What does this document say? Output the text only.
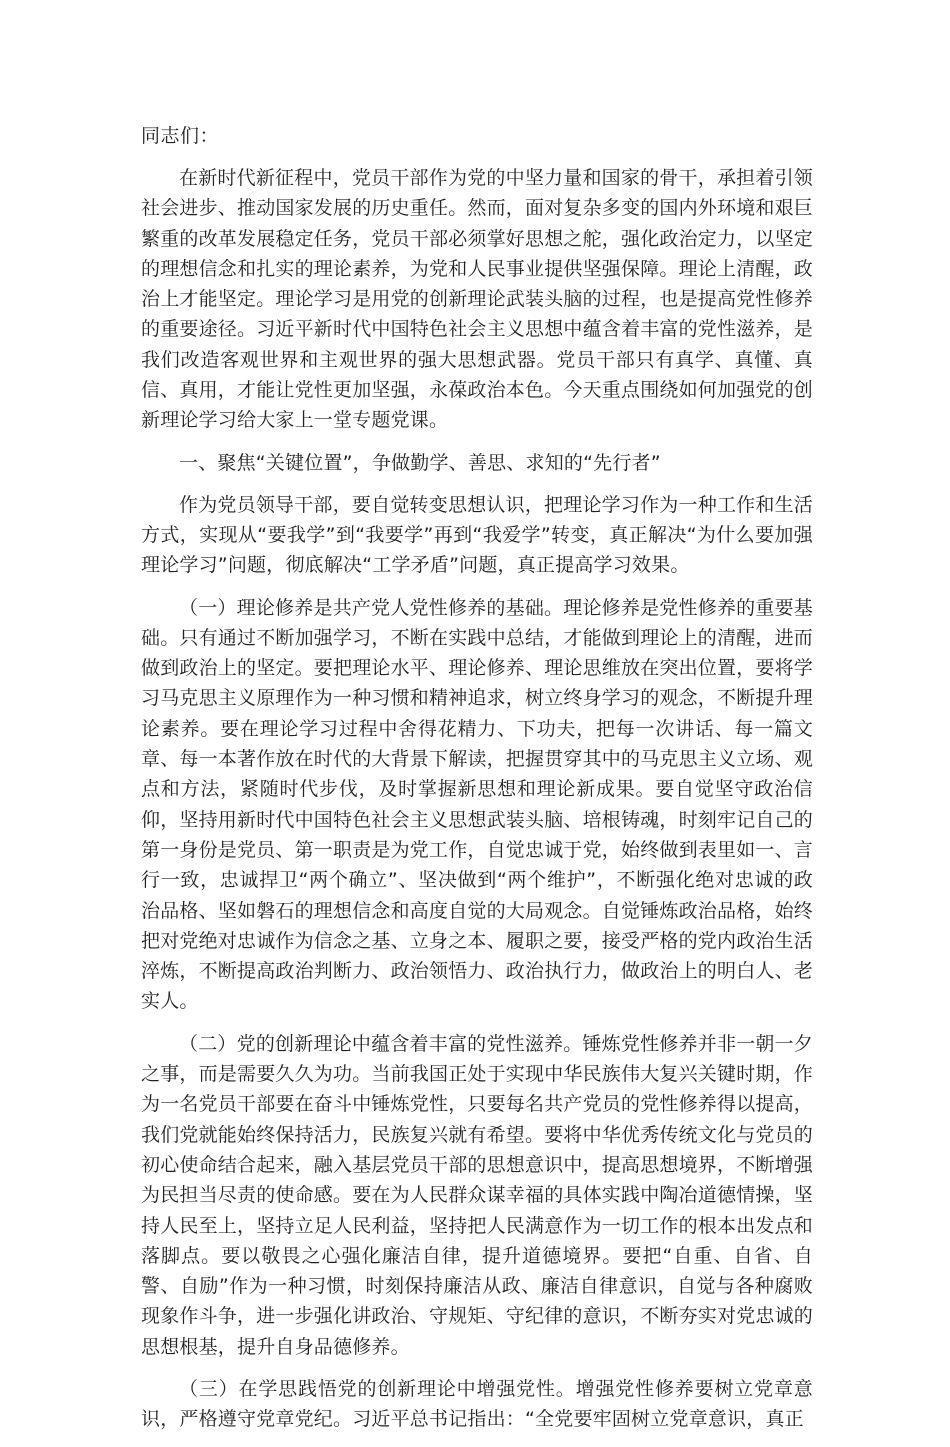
同志们：

在新时代新征程中，党员干部作为党的中坚力量和国家的骨干，承担着引领社会进步、推动国家发展的历史重任。然而，面对复杂多变的国内外环境和艰巨繁重的改革发展稳定任务，党员干部必须掌好思想之舵，强化政治定力，以坚定的理想信念和扎实的理论素养，为党和人民事业提供坚强保障。理论上清醒，政治上才能坚定。理论学习是用党的创新理论武装头脑的过程，也是提高党性修养的重要途径。习近平新时代中国特色社会主义思想中蕴含着丰富的党性滋养，是我们改造客观世界和主观世界的强大思想武器。党员干部只有真学、真懂、真信、真用，才能让党性更加坚强，永葆政治本色。今天重点围绕如何加强党的创新理论学习给大家上一堂专题党课。

一、聚焦“关键位置”，争做勤学、善思、求知的“先行者”

作为党员领导干部，要自觉转变思想认识，把理论学习作为一种工作和生活方式，实现从“要我学”到“我要学”再到“我爱学”转变，真正解决“为什么要加强理论学习”问题，彻底解决“工学矛盾”问题，真正提高学习效果。

（一）理论修养是共产党人党性修养的基础。理论修养是党性修养的重要基础。只有通过不断加强学习，不断在实践中总结，才能做到理论上的清醒，进而做到政治上的坚定。要把理论水平、理论修养、理论思维放在突出位置，要将学习马克思主义原理作为一种习惯和精神追求，树立终身学习的观念，不断提升理论素养。要在理论学习过程中舍得花精力、下功夫，把每一次讲话、每一篇文章、每一本著作放在时代的大背景下解读，把握贯穿其中的马克思主义立场、观点和方法，紧随时代步伐，及时掌握新思想和理论新成果。要自觉坚守政治信仰，坚持用新时代中国特色社会主义思想武装头脑、培根铸魂，时刻牢记自己的第一身份是党员、第一职责是为党工作，自觉忠诚于党，始终做到表里如一、言行一致，忠诚捍卫“两个确立”、坚决做到“两个维护”，不断强化绝对忠诚的政治品格、坚如磐石的理想信念和高度自觉的大局观念。自觉锤炼政治品格，始终把对党绝对忠诚作为信念之基、立身之本、履职之要，接受严格的党内政治生活淬炼，不断提高政治判断力、政治领悟力、政治执行力，做政治上的明白人、老实人。

（二）党的创新理论中蕴含着丰富的党性滋养。锤炼党性修养并非一朝一夕之事，而是需要久久为功。当前我国正处于实现中华民族伟大复兴关键时期，作为一名党员干部要在奋斗中锤炼党性，只要每名共产党员的党性修养得以提高，我们党就能始终保持活力，民族复兴就有希望。要将中华优秀传统文化与党员的初心使命结合起来，融入基层党员干部的思想意识中，提高思想境界，不断增强为民担当尽责的使命感。要在为人民群众谋幸福的具体实践中陶冶道德情操，坚持人民至上，坚持立足人民利益，坚持把人民满意作为一切工作的根本出发点和落脚点。要以敬畏之心强化廉洁自律，提升道德境界。要把“自重、自省、自警、自励”作为一种习惯，时刻保持廉洁从政、廉洁自律意识，自觉与各种腐败现象作斗争，进一步强化讲政治、守规矩、守纪律的意识，不断夯实对党忠诚的思想根基，提升自身品德修养。

（三）在学思践悟党的创新理论中增强党性。增强党性修养要树立党章意识，严格遵守党章党纪。习近平总书记指出：“全党要牢固树立党章意识，真正
